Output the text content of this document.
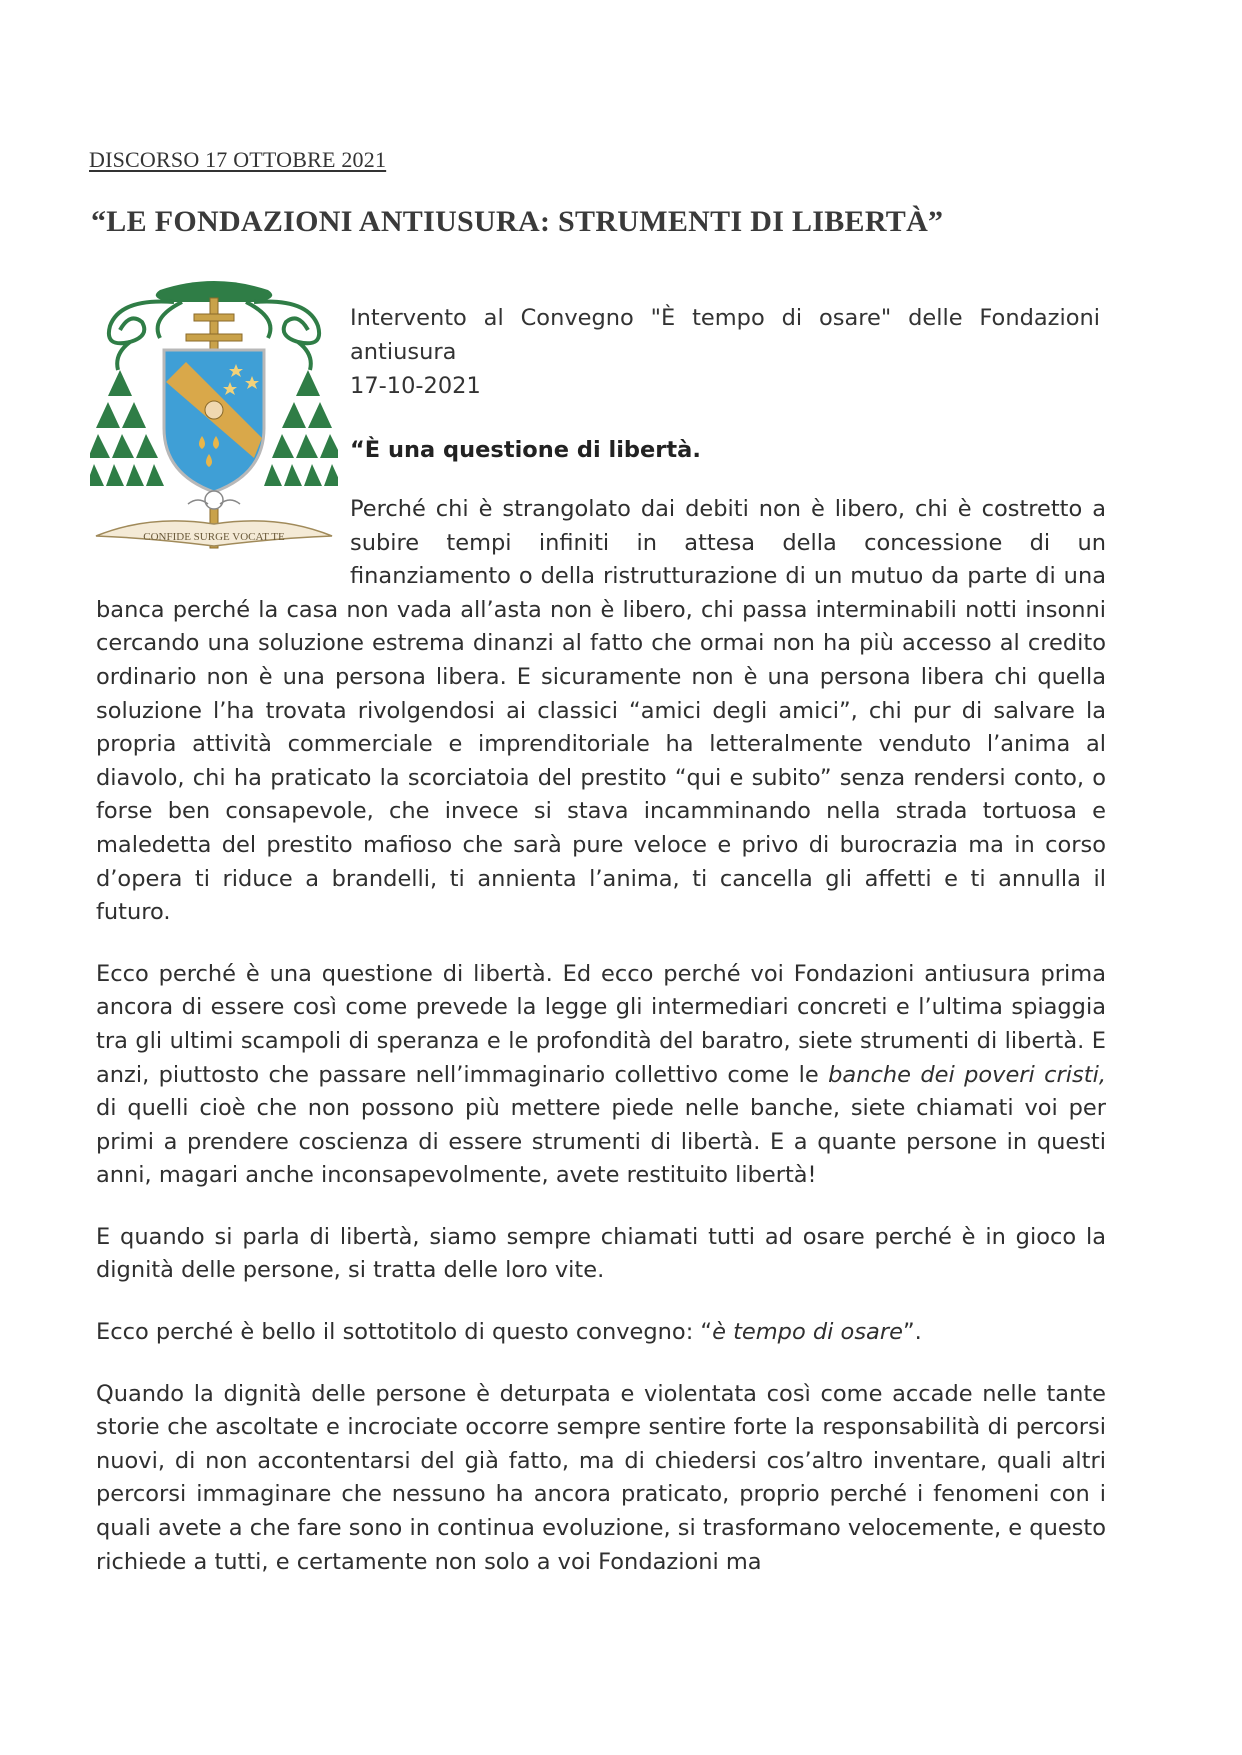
DISCORSO 17 OTTOBRE 2021
“LE FONDAZIONI ANTIUSURA: STRUMENTI DI LIBERTÀ”
CONFIDE SURGE VOCAT TE
Intervento al Convegno "È tempo di osare" delle Fondazioni antiusura

17-10-2021
“È una questione di libertà.

Perché chi è strangolato dai debiti non è libero, chi è costretto a subire tempi infiniti in attesa della concessione di un finanziamento o della ristrutturazione di un mutuo da parte di una banca perché la casa non vada all’asta non è libero, chi passa interminabili notti insonni cercando una soluzione estrema dinanzi al fatto che ormai non ha più accesso al credito ordinario non è una persona libera. E sicuramente non è una persona libera chi quella soluzione l’ha trovata rivolgendosi ai classici “amici degli amici”, chi pur di salvare la propria attività commerciale e imprenditoriale ha letteralmente venduto l’anima al diavolo, chi ha praticato la scorciatoia del prestito “qui e subito” senza rendersi conto, o forse ben consapevole, che invece si stava incamminando nella strada tortuosa e maledetta del prestito mafioso che sarà pure veloce e privo di burocrazia ma in corso d’opera ti riduce a brandelli, ti annienta l’anima, ti cancella gli affetti e ti annulla il futuro.

Ecco perché è una questione di libertà. Ed ecco perché voi Fondazioni antiusura prima ancora di essere così come prevede la legge gli intermediari concreti e l’ultima spiaggia tra gli ultimi scampoli di speranza e le profondità del baratro, siete strumenti di libertà. E anzi, piuttosto che passare nell’immaginario collettivo come le banche dei poveri cristi, di quelli cioè che non possono più mettere piede nelle banche, siete chiamati voi per primi a prendere coscienza di essere strumenti di libertà. E a quante persone in questi anni, magari anche inconsapevolmente, avete restituito libertà!

E quando si parla di libertà, siamo sempre chiamati tutti ad osare perché è in gioco la dignità delle persone, si tratta delle loro vite.

Ecco perché è bello il sottotitolo di questo convegno: “è tempo di osare”.

Quando la dignità delle persone è deturpata e violentata così come accade nelle tante storie che ascoltate e incrociate occorre sempre sentire forte la responsabilità di percorsi nuovi, di non accontentarsi del già fatto, ma di chiedersi cos’altro inventare, quali altri percorsi immaginare che nessuno ha ancora praticato, proprio perché i fenomeni con i quali avete a che fare sono in continua evoluzione, si trasformano velocemente, e questo richiede a tutti, e certamente non solo a voi Fondazioni ma
